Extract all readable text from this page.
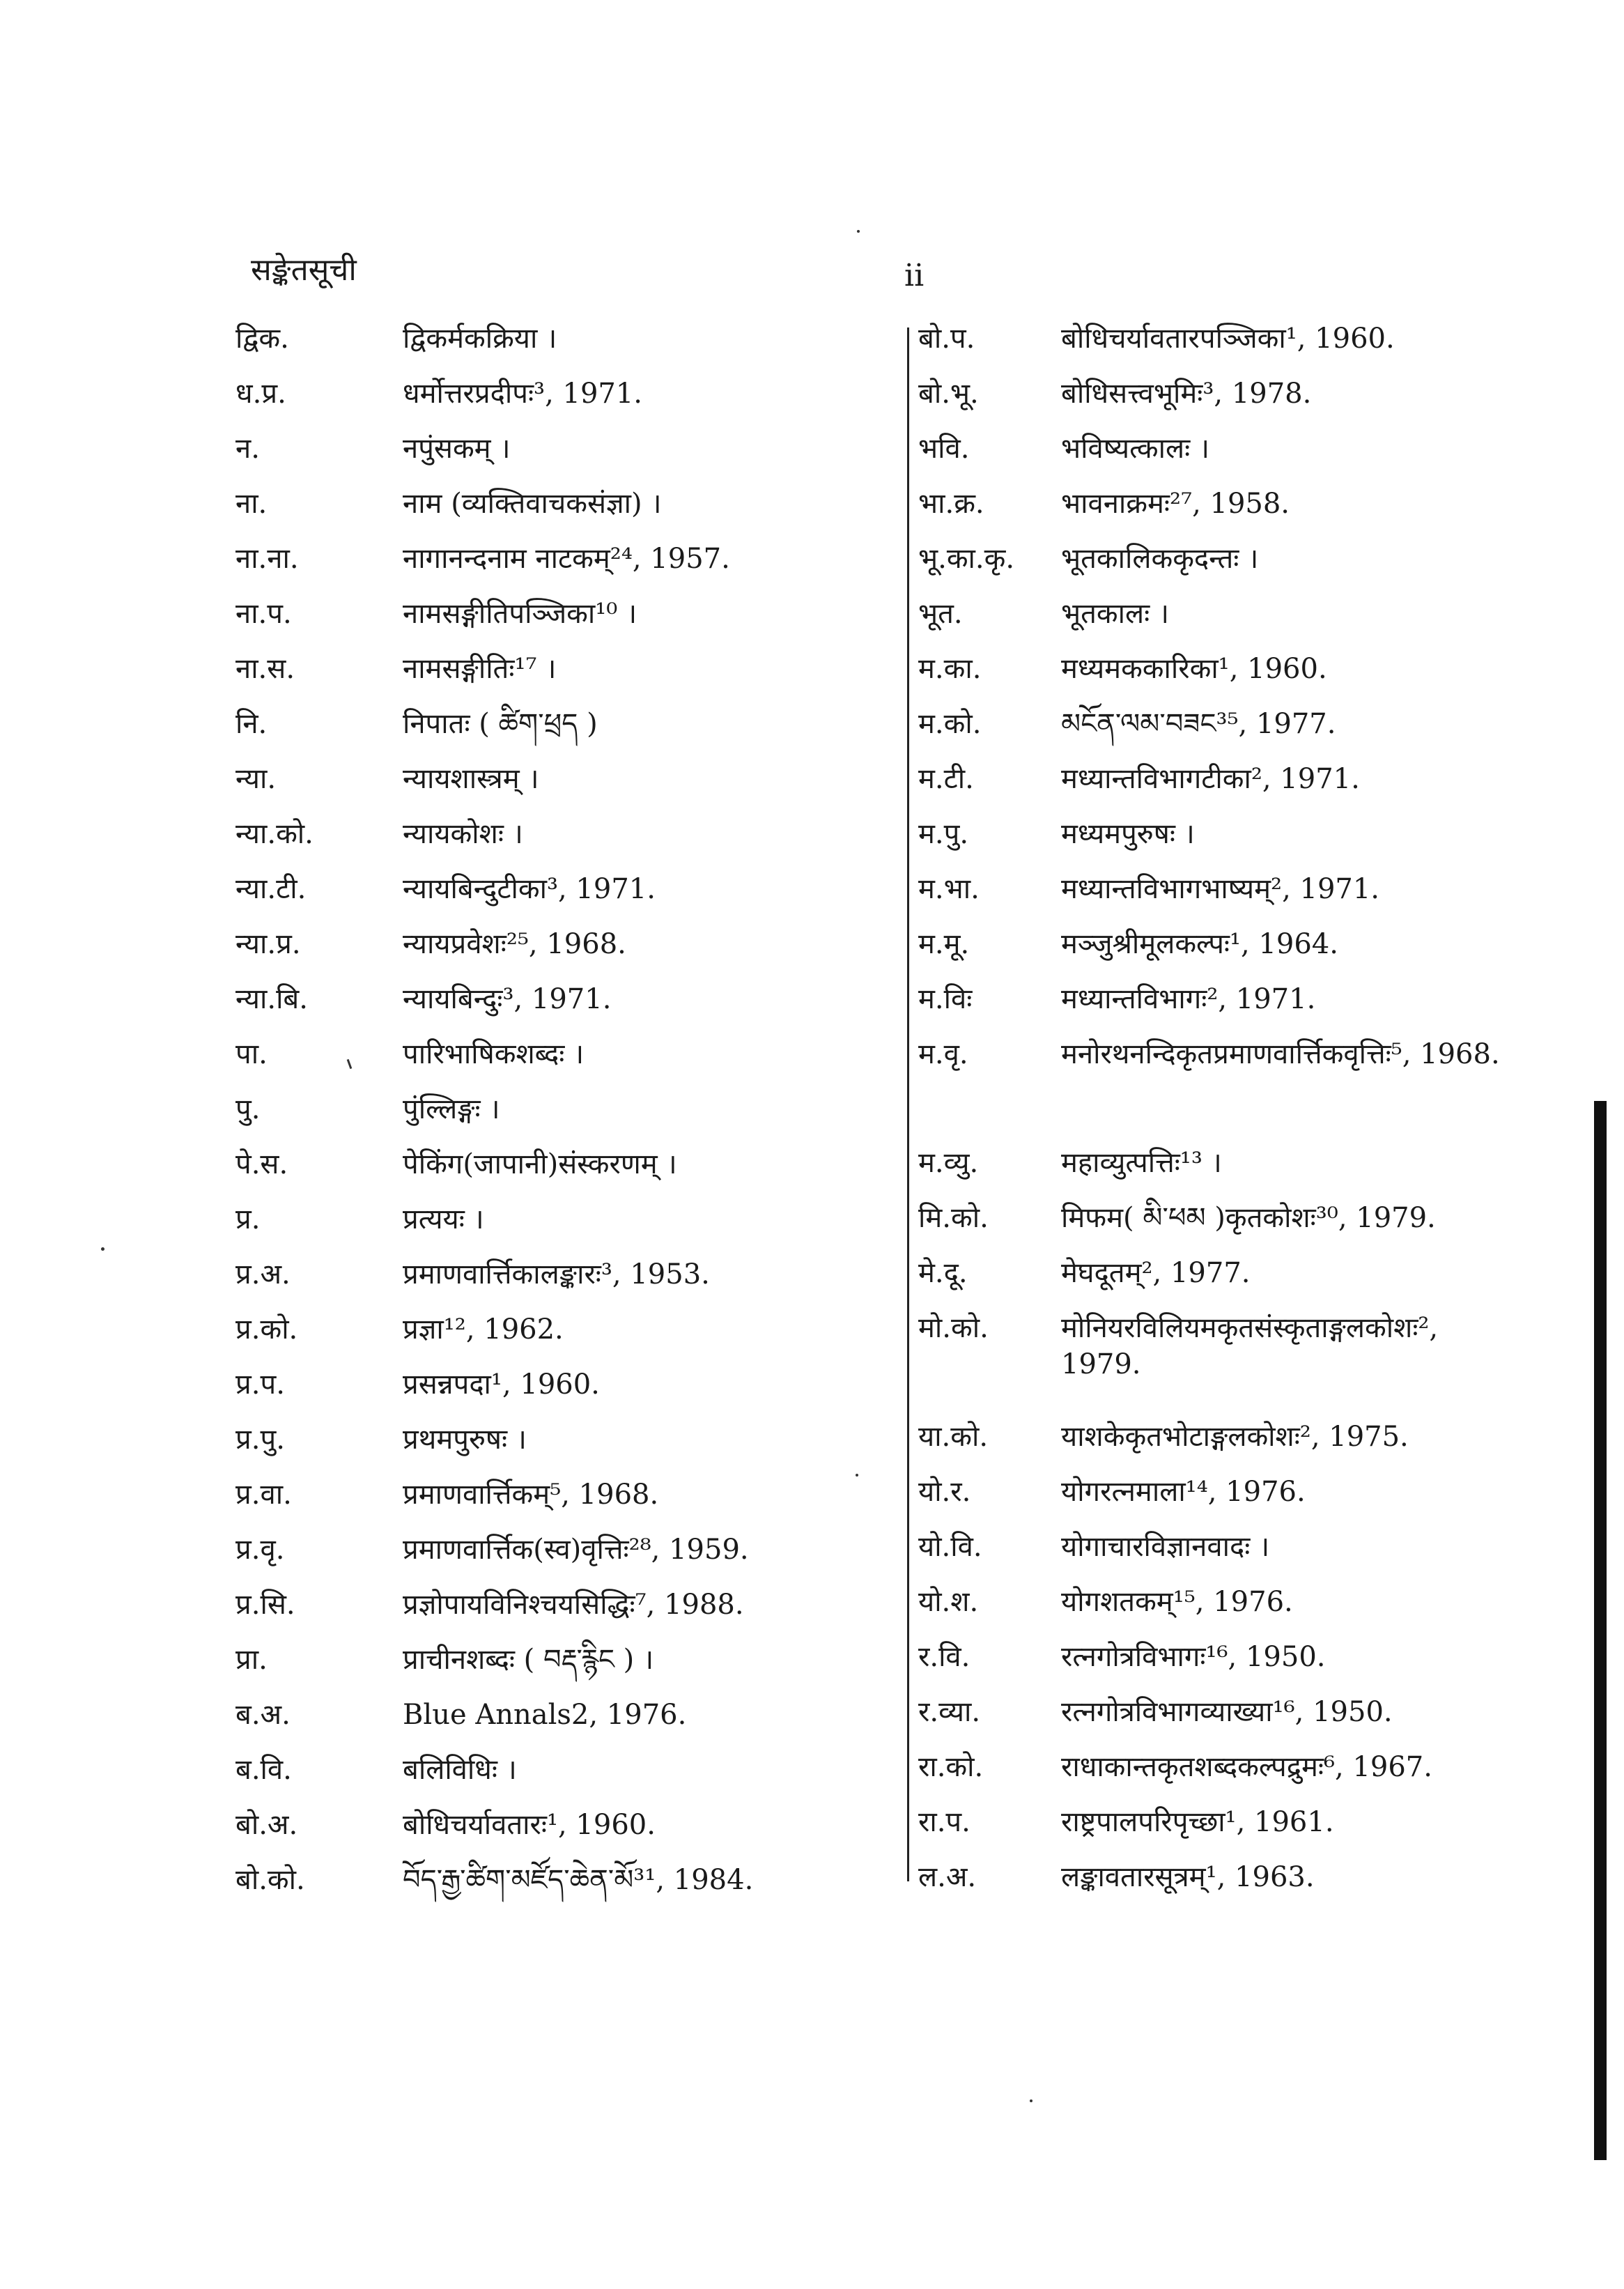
सङ्केतसूची	ii
द्विक.	द्विकर्मकक्रिया ।
ध.प्र.	धर्मोत्तरप्रदीपः³, 1971.
न.	नपुंसकम् ।
ना.	नाम (व्यक्तिवाचकसंज्ञा) ।
ना.ना.	नागानन्दनाम नाटकम्²⁴, 1957.
ना.प.	नामसङ्गीतिपञ्जिका¹⁰ ।
ना.स.	नामसङ्गीतिः¹⁷ ।
नि.	निपातः ( ཚིག་ཕྲད )
न्या.	न्यायशास्त्रम् ।
न्या.को.	न्यायकोशः ।
न्या.टी.	न्यायबिन्दुटीका³, 1971.
न्या.प्र.	न्यायप्रवेशः²⁵, 1968.
न्या.बि.	न्यायबिन्दुः³, 1971.
पा.	पारिभाषिकशब्दः ।
पु.	पुंल्लिङ्गः ।
पे.स.	पेकिंग(जापानी)संस्करणम् ।
प्र.	प्रत्ययः ।
प्र.अ.	प्रमाणवार्त्तिकालङ्कारः³, 1953.
प्र.को.	प्रज्ञा¹², 1962.
प्र.प.	प्रसन्नपदा¹, 1960.
प्र.पु.	प्रथमपुरुषः ।
प्र.वा.	प्रमाणवार्त्तिकम्⁵, 1968.
प्र.वृ.	प्रमाणवार्त्तिक(स्व)वृत्तिः²⁸, 1959.
प्र.सि.	प्रज्ञोपायविनिश्चयसिद्धिः⁷, 1988.
प्रा.	प्राचीनशब्दः ( བརྡ་རྙིང ) ।
ब.अ.	Blue Annals2, 1976.
ब.वि.	बलिविधिः ।
बो.अ.	बोधिचर्यावतारः¹, 1960.
बो.को.	བོད་རྒྱ་ཚིག་མཛོད་ཆེན་མོ³¹, 1984.
बो.प.	बोधिचर्यावतारपञ्जिका¹, 1960.
बो.भू.	बोधिसत्त्वभूमिः³, 1978.
भवि.	भविष्यत्कालः ।
भा.क्र.	भावनाक्रमः²⁷, 1958.
भू.का.कृ. भूतकालिककृदन्तः ।
भूत.	भूतकालः ।
म.का.	मध्यमककारिका¹, 1960.
म.को.	མངོན་ལམ་བཟང³⁵, 1977.
म.टी.	मध्यान्तविभागटीका², 1971.
म.पु.	मध्यमपुरुषः ।
म.भा.	मध्यान्तविभागभाष्यम्², 1971.
म.मू.	मञ्जुश्रीमूलकल्पः¹, 1964.
म.विः	मध्यान्तविभागः², 1971.
म.वृ.	मनोरथनन्दिकृतप्रमाणवार्त्तिकवृत्तिः⁵, 1968.
म.व्यु.	महाव्युत्पत्तिः¹³ ।
मि.को.	मिफम( མི་ཕམ )कृतकोशः³⁰, 1979.
मे.दू.	मेघदूतम्², 1977.
मो.को.	मोनियरविलियमकृतसंस्कृताङ्गलकोशः², 1979.
या.को.	याशकेकृतभोटाङ्गलकोशः², 1975.
यो.र.	योगरत्नमाला¹⁴, 1976.
यो.वि.	योगाचारविज्ञानवादः ।
यो.श.	योगशतकम्¹⁵, 1976.
र.वि.	रत्नगोत्रविभागः¹⁶, 1950.
र.व्या.	रत्नगोत्रविभागव्याख्या¹⁶, 1950.
रा.को.	राधाकान्तकृतशब्दकल्पद्रुमः⁶, 1967.
रा.प.	राष्ट्रपालपरिपृच्छा¹, 1961.
ल.अ.	लङ्कावतारसूत्रम्¹, 1963.
